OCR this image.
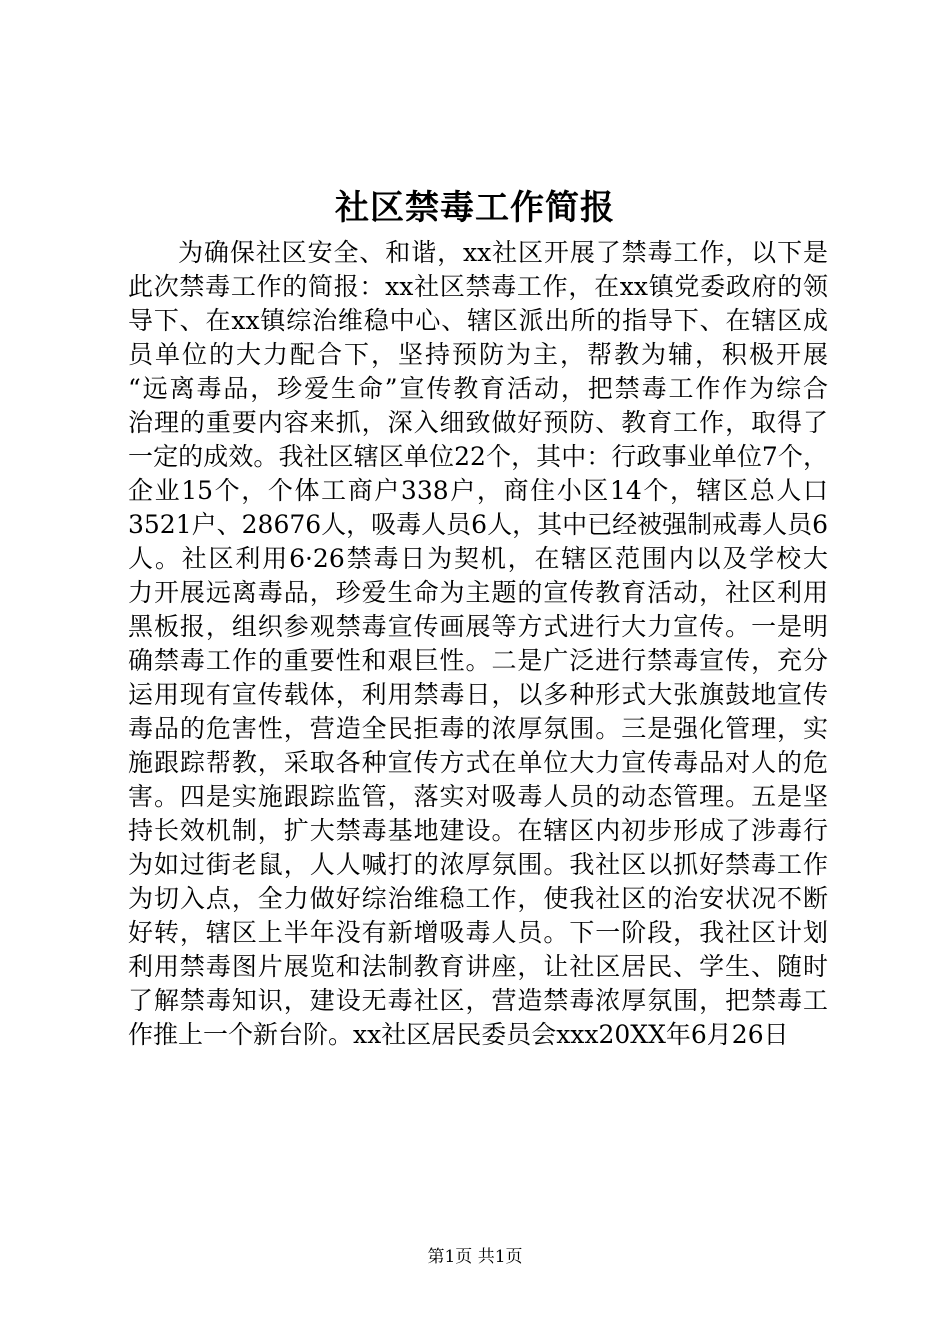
社区禁毒工作简报
为确保社区安全、和谐，xx社区开展了禁毒工作，以下是
此次禁毒工作的简报：xx社区禁毒工作，在xx镇党委政府的领
导下、在xx镇综治维稳中心、辖区派出所的指导下、在辖区成
员单位的大力配合下，坚持预防为主，帮教为辅，积极开展
“远离毒品，珍爱生命”宣传教育活动，把禁毒工作作为综合
治理的重要内容来抓，深入细致做好预防、教育工作，取得了
一定的成效。我社区辖区单位22个，其中：行政事业单位7个，
企业15个，个体工商户338户，商住小区14个，辖区总人口
3521户、28676人，吸毒人员6人，其中已经被强制戒毒人员6
人。社区利用6·26禁毒日为契机，在辖区范围内以及学校大
力开展远离毒品，珍爱生命为主题的宣传教育活动，社区利用
黑板报，组织参观禁毒宣传画展等方式进行大力宣传。一是明
确禁毒工作的重要性和艰巨性。二是广泛进行禁毒宣传，充分
运用现有宣传载体，利用禁毒日，以多种形式大张旗鼓地宣传
毒品的危害性，营造全民拒毒的浓厚氛围。三是强化管理，实
施跟踪帮教，采取各种宣传方式在单位大力宣传毒品对人的危
害。四是实施跟踪监管，落实对吸毒人员的动态管理。五是坚
持长效机制，扩大禁毒基地建设。在辖区内初步形成了涉毒行
为如过街老鼠，人人喊打的浓厚氛围。我社区以抓好禁毒工作
为切入点，全力做好综治维稳工作，使我社区的治安状况不断
好转，辖区上半年没有新增吸毒人员。下一阶段，我社区计划
利用禁毒图片展览和法制教育讲座，让社区居民、学生、随时
了解禁毒知识，建设无毒社区，营造禁毒浓厚氛围，把禁毒工
作推上一个新台阶。xx社区居民委员会xxx20XX年6月26日
第1页 共1页
